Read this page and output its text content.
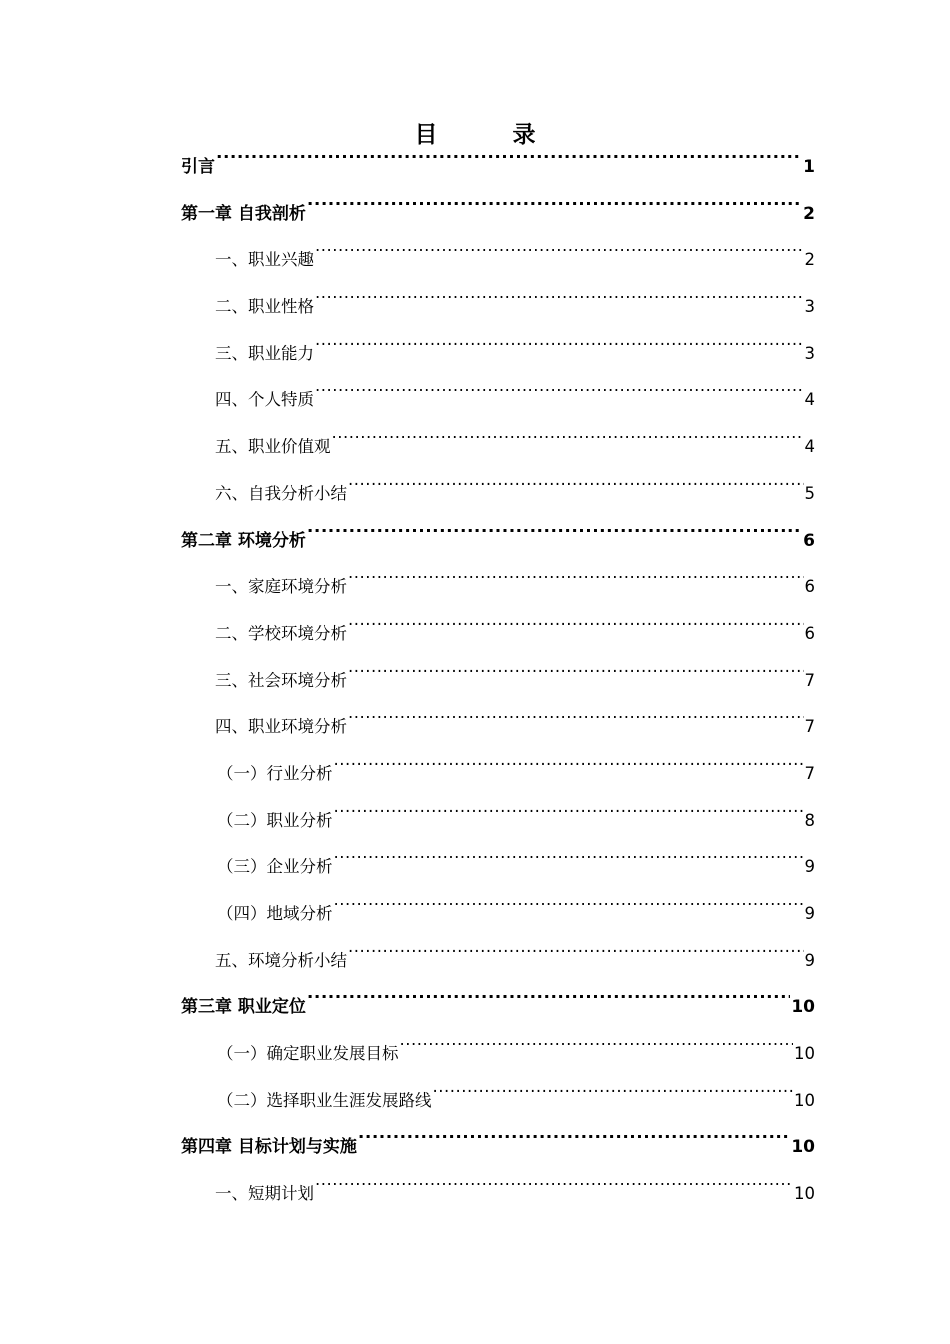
目　录
引言 .....	1
第一章 自我剖析 .....	2
一、职业兴趣 .....	2
二、职业性格 .....	3
三、职业能力 .....	3
四、个人特质 .....	4
五、职业价值观 .....	4
六、自我分析小结 .....	5
第二章 环境分析 .....	6
一、家庭环境分析 .....	6
二、学校环境分析 .....	6
三、社会环境分析 .....	7
四、职业环境分析 .....	7
（一）行业分析 .....	7
（二）职业分析 .....	8
（三）企业分析 .....	9
（四）地域分析 .....	9
五、环境分析小结 .....	9
第三章 职业定位 .....	10
（一）确定职业发展目标 .....	10
（二）选择职业生涯发展路线 .....	10
第四章 目标计划与实施 .....	10
一、短期计划 .....	10
